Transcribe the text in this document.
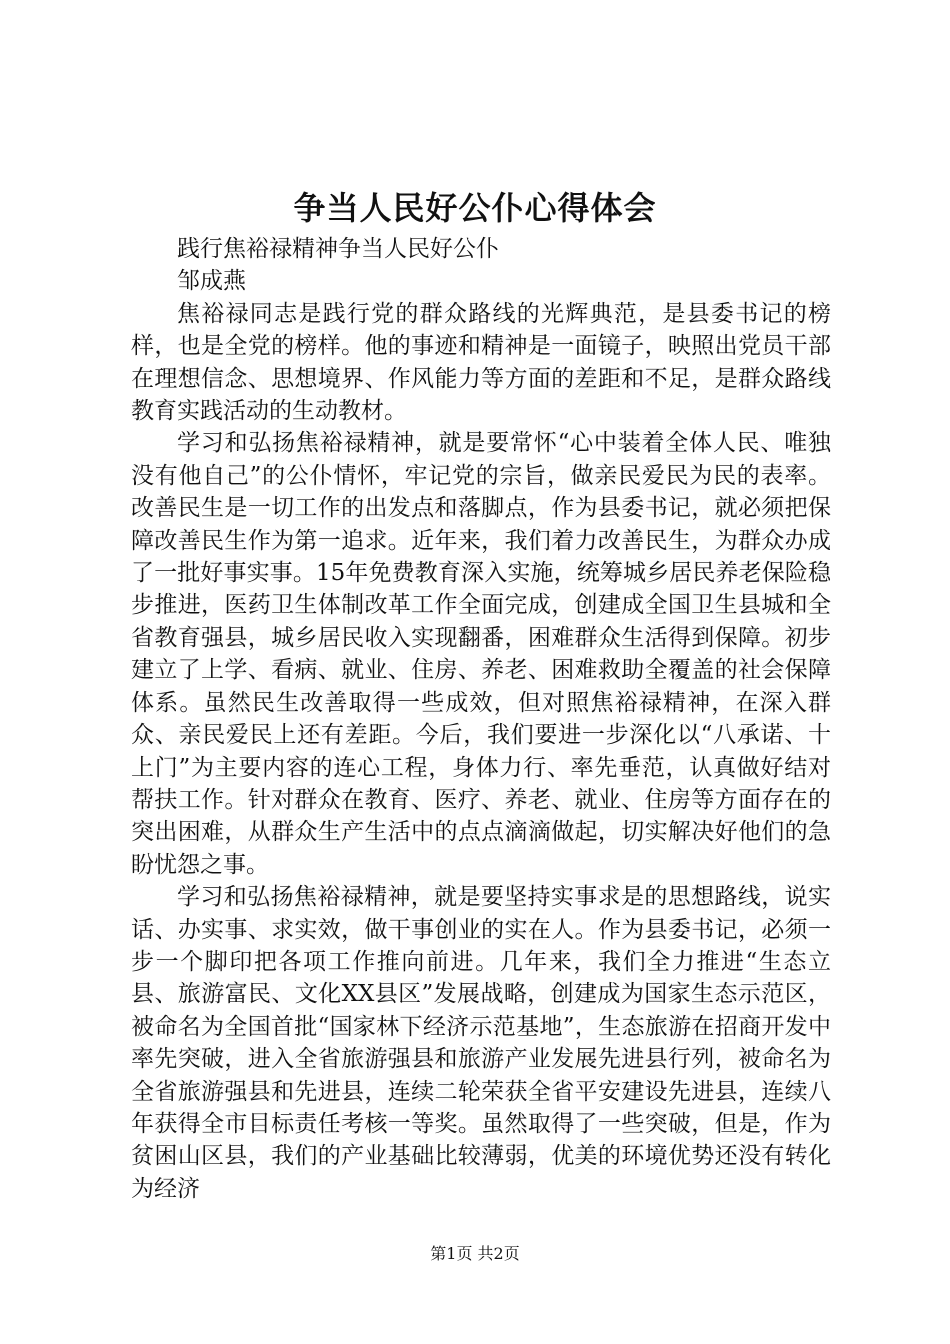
争当人民好公仆心得体会

践行焦裕禄精神争当人民好公仆

邹成燕

焦裕禄同志是践行党的群众路线的光辉典范，是县委书记的榜样，也是全党的榜样。他的事迹和精神是一面镜子，映照出党员干部在理想信念、思想境界、作风能力等方面的差距和不足，是群众路线教育实践活动的生动教材。

学习和弘扬焦裕禄精神，就是要常怀“心中装着全体人民、唯独没有他自己”的公仆情怀，牢记党的宗旨，做亲民爱民为民的表率。改善民生是一切工作的出发点和落脚点，作为县委书记，就必须把保障改善民生作为第一追求。近年来，我们着力改善民生，为群众办成了一批好事实事。15年免费教育深入实施，统筹城乡居民养老保险稳步推进，医药卫生体制改革工作全面完成，创建成全国卫生县城和全省教育强县，城乡居民收入实现翻番，困难群众生活得到保障。初步建立了上学、看病、就业、住房、养老、困难救助全覆盖的社会保障体系。虽然民生改善取得一些成效，但对照焦裕禄精神，在深入群众、亲民爱民上还有差距。今后，我们要进一步深化以“八承诺、十上门”为主要内容的连心工程，身体力行、率先垂范，认真做好结对帮扶工作。针对群众在教育、医疗、养老、就业、住房等方面存在的突出困难，从群众生产生活中的点点滴滴做起，切实解决好他们的急盼忧怨之事。

学习和弘扬焦裕禄精神，就是要坚持实事求是的思想路线，说实话、办实事、求实效，做干事创业的实在人。作为县委书记，必须一步一个脚印把各项工作推向前进。几年来，我们全力推进“生态立县、旅游富民、文化XX县区”发展战略，创建成为国家生态示范区，被命名为全国首批“国家林下经济示范基地”，生态旅游在招商开发中率先突破，进入全省旅游强县和旅游产业发展先进县行列，被命名为全省旅游强县和先进县，连续二轮荣获全省平安建设先进县，连续八年获得全市目标责任考核一等奖。虽然取得了一些突破，但是，作为贫困山区县，我们的产业基础比较薄弱，优美的环境优势还没有转化为经济

第1页 共2页
